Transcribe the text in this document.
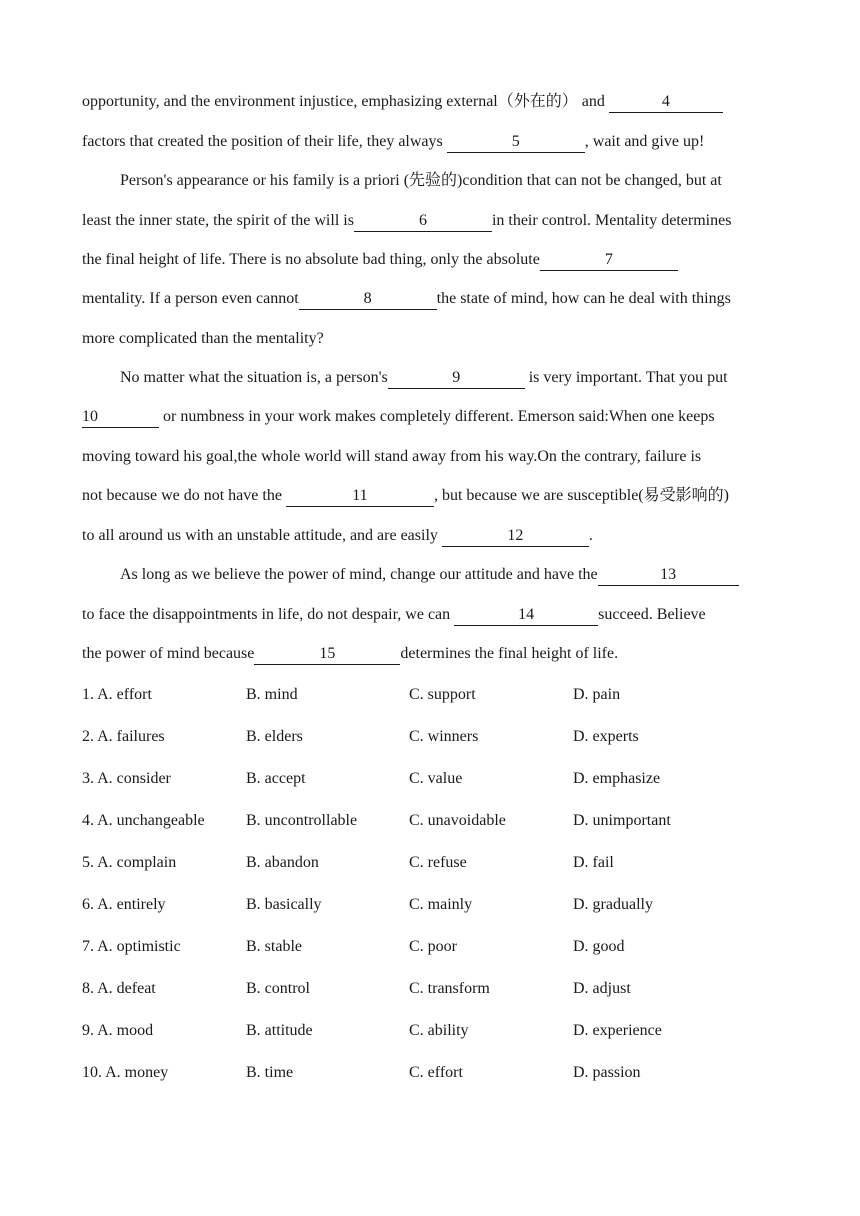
opportunity, and the environment injustice, emphasizing external（外在的） and	4
factors that created the position of their life, they always	5	, wait and give up!
Person's appearance or his family is a priori (先验的)condition that can not be changed, but at
least the inner state, the spirit of the will is	6	in their control. Mentality determines
the final height of life. There is no absolute bad thing, only the absolute	7
mentality. If a person even cannot	8	the state of mind, how can he deal with things
more complicated than the mentality?
No matter what the situation is, a person's	9	is very important. That you put
10	or numbness in your work makes completely different. Emerson said:When one keeps
moving toward his goal,the whole world will stand away from his way.On the contrary, failure is
not because we do not have the	11	, but because we are susceptible(易受影响的)
to all around us with an unstable attitude, and are easily	12	.
As long as we believe the power of mind, change our attitude and have the	13
to face the disappointments in life, do not despair, we can	14	succeed. Believe
the power of mind because	15	determines the final height of life.
1. A. effort	B. mind	C. support	D. pain
2. A. failures	B. elders	C. winners	D. experts
3. A. consider	B. accept	C. value	D. emphasize
4. A. unchangeable	B. uncontrollable	C. unavoidable	D. unimportant
5. A. complain	B. abandon	C. refuse	D. fail
6. A. entirely	B. basically	C. mainly	D. gradually
7. A. optimistic	B. stable	C. poor	D. good
8. A. defeat	B. control	C. transform	D. adjust
9. A. mood	B. attitude	C. ability	D. experience
10. A. money	B. time	C. effort	D. passion
